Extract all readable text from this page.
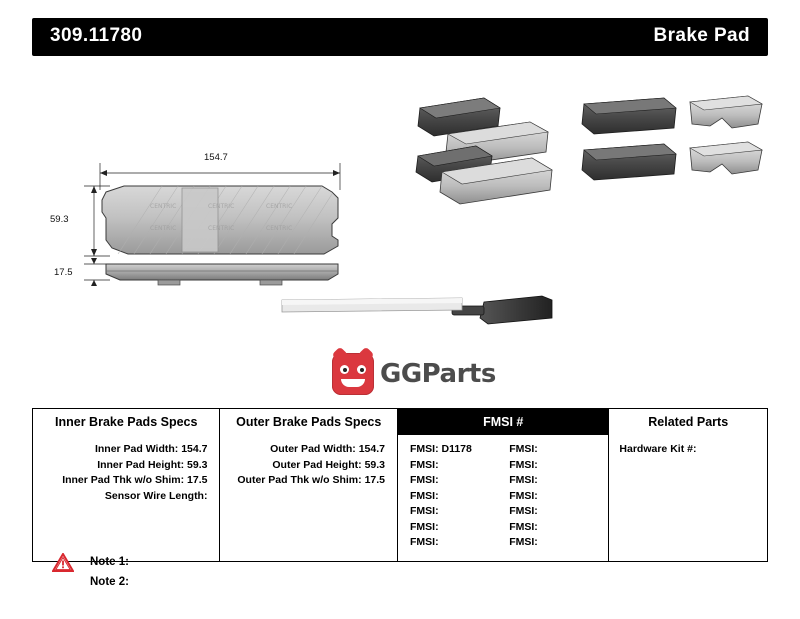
309.11780	Brake Pad
CENTRIC	CENTRIC	CENTRIC
CENTRIC	CENTRIC	CENTRIC
154.7
59.3
17.5
GGParts
Inner Brake Pads Specs	Outer Brake Pads Specs	FMSI #	Related Parts
Inner Pad Width: 154.7
Inner Pad Height: 59.3
Inner Pad Thk w/o Shim: 17.5
Sensor Wire Length:
Outer Pad Width: 154.7
Outer Pad Height: 59.3
Outer Pad Thk w/o Shim: 17.5
FMSI: D1178
FMSI:
FMSI:
FMSI:
FMSI:
FMSI:
FMSI:
FMSI:
FMSI:
FMSI:
FMSI:
FMSI:
FMSI:
FMSI:
Hardware Kit #:
Note 1:
Note 2:
